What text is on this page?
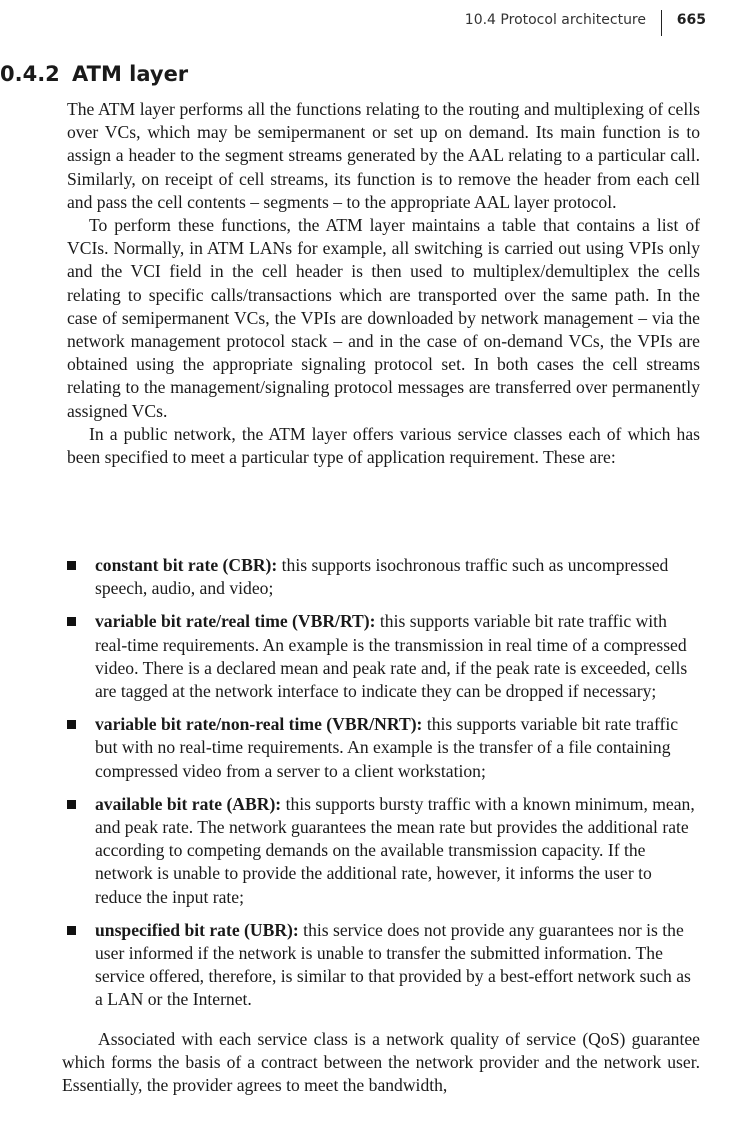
10.4 Protocol architecture 665
0.4.2 ATM layer

The ATM layer performs all the functions relating to the routing and multiplexing of cells over VCs, which may be semipermanent or set up on demand. Its main function is to assign a header to the segment streams generated by the AAL relating to a particular call. Similarly, on receipt of cell streams, its function is to remove the header from each cell and pass the cell contents – segments – to the appropriate AAL layer protocol.

To perform these functions, the ATM layer maintains a table that contains a list of VCIs. Normally, in ATM LANs for example, all switching is carried out using VPIs only and the VCI field in the cell header is then used to multiplex/demultiplex the cells relating to specific calls/transactions which are transported over the same path. In the case of semipermanent VCs, the VPIs are downloaded by network management – via the network management protocol stack – and in the case of on-demand VCs, the VPIs are obtained using the appropriate signaling protocol set. In both cases the cell streams relating to the management/signaling protocol messages are transferred over permanently assigned VCs.

In a public network, the ATM layer offers various service classes each of which has been specified to meet a particular type of application requirement. These are:

constant bit rate (CBR): this supports isochronous traffic such as uncompressed speech, audio, and video;
variable bit rate/real time (VBR/RT): this supports variable bit rate traffic with real-time requirements. An example is the transmission in real time of a compressed video. There is a declared mean and peak rate and, if the peak rate is exceeded, cells are tagged at the network interface to indicate they can be dropped if necessary;
variable bit rate/non-real time (VBR/NRT): this supports variable bit rate traffic but with no real-time requirements. An example is the transfer of a file containing compressed video from a server to a client workstation;
available bit rate (ABR): this supports bursty traffic with a known minimum, mean, and peak rate. The network guarantees the mean rate but provides the additional rate according to competing demands on the available transmission capacity. If the network is unable to provide the additional rate, however, it informs the user to reduce the input rate;
unspecified bit rate (UBR): this service does not provide any guarantees nor is the user informed if the network is unable to transfer the submitted information. The service offered, therefore, is similar to that provided by a best-effort network such as a LAN or the Internet.

Associated with each service class is a network quality of service (QoS) guarantee which forms the basis of a contract between the network provider and the network user. Essentially, the provider agrees to meet the bandwidth,
